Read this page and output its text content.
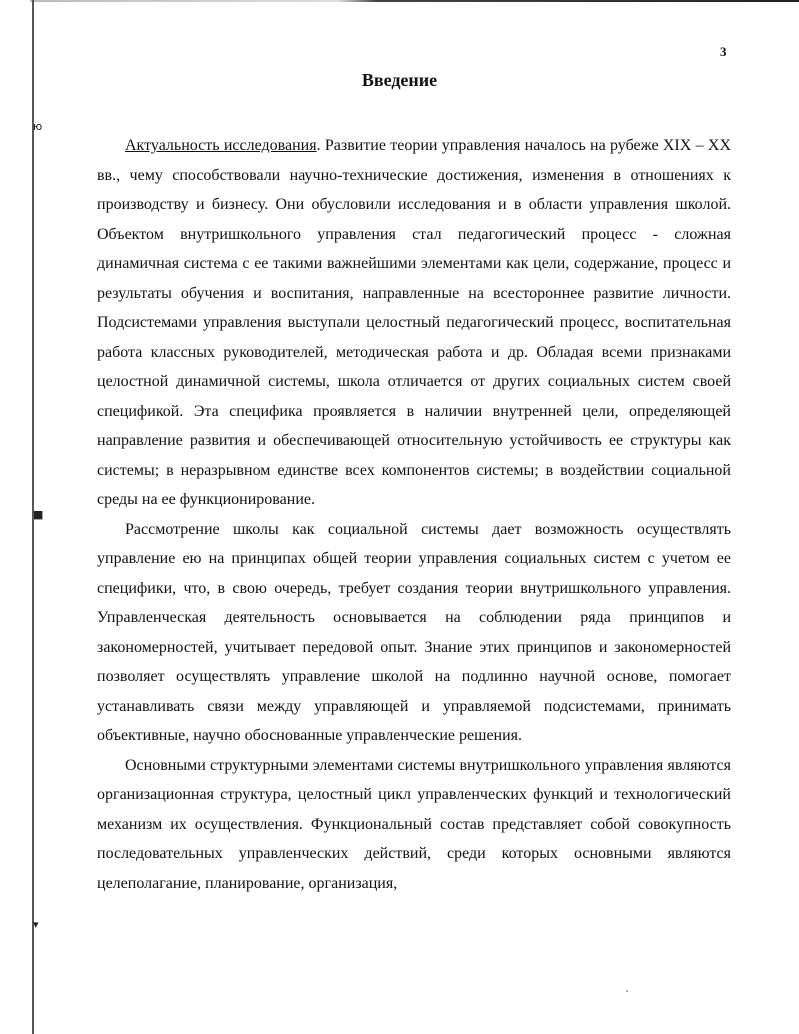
ю
■
▾
3
Введение

Актуальность исследования. Развитие теории управления началось на рубеже XIX – XX вв., чему способствовали научно-технические достижения, изменения в отношениях к производству и бизнесу. Они обусловили исследования и в области управления школой. Объектом внутришкольного управления стал педагогический процесс - сложная динамичная система с ее такими важнейшими элементами как цели, содержание, процесс и результаты обучения и воспитания, направленные на всестороннее развитие личности. Подсистемами управления выступали целостный педагогический процесс, воспитательная работа классных руководителей, методическая работа и др. Обладая всеми признаками целостной динамичной системы, школа отличается от других социальных систем своей спецификой. Эта специфика проявляется в наличии внутренней цели, определяющей направление развития и обеспечивающей относительную устойчивость ее структуры как системы; в неразрывном единстве всех компонентов системы; в воздействии социальной среды на ее функционирование.

Рассмотрение школы как социальной системы дает возможность осуществлять управление ею на принципах общей теории управления социальных систем с учетом ее специфики, что, в свою очередь, требует создания теории внутришкольного управления. Управленческая деятельность основывается на соблюдении ряда принципов и закономерностей, учитывает передовой опыт. Знание этих принципов и закономерностей позволяет осуществлять управление школой на подлинно научной основе, помогает устанавливать связи между управляющей и управляемой подсистемами, принимать объективные, научно обоснованные управленческие решения.

Основными структурными элементами системы внутришкольного управления являются организационная структура, целостный цикл управленческих функций и технологический механизм их осуществления. Функциональный состав представляет собой совокупность последовательных управленческих действий, среди которых основными являются целеполагание, планирование, организация,
